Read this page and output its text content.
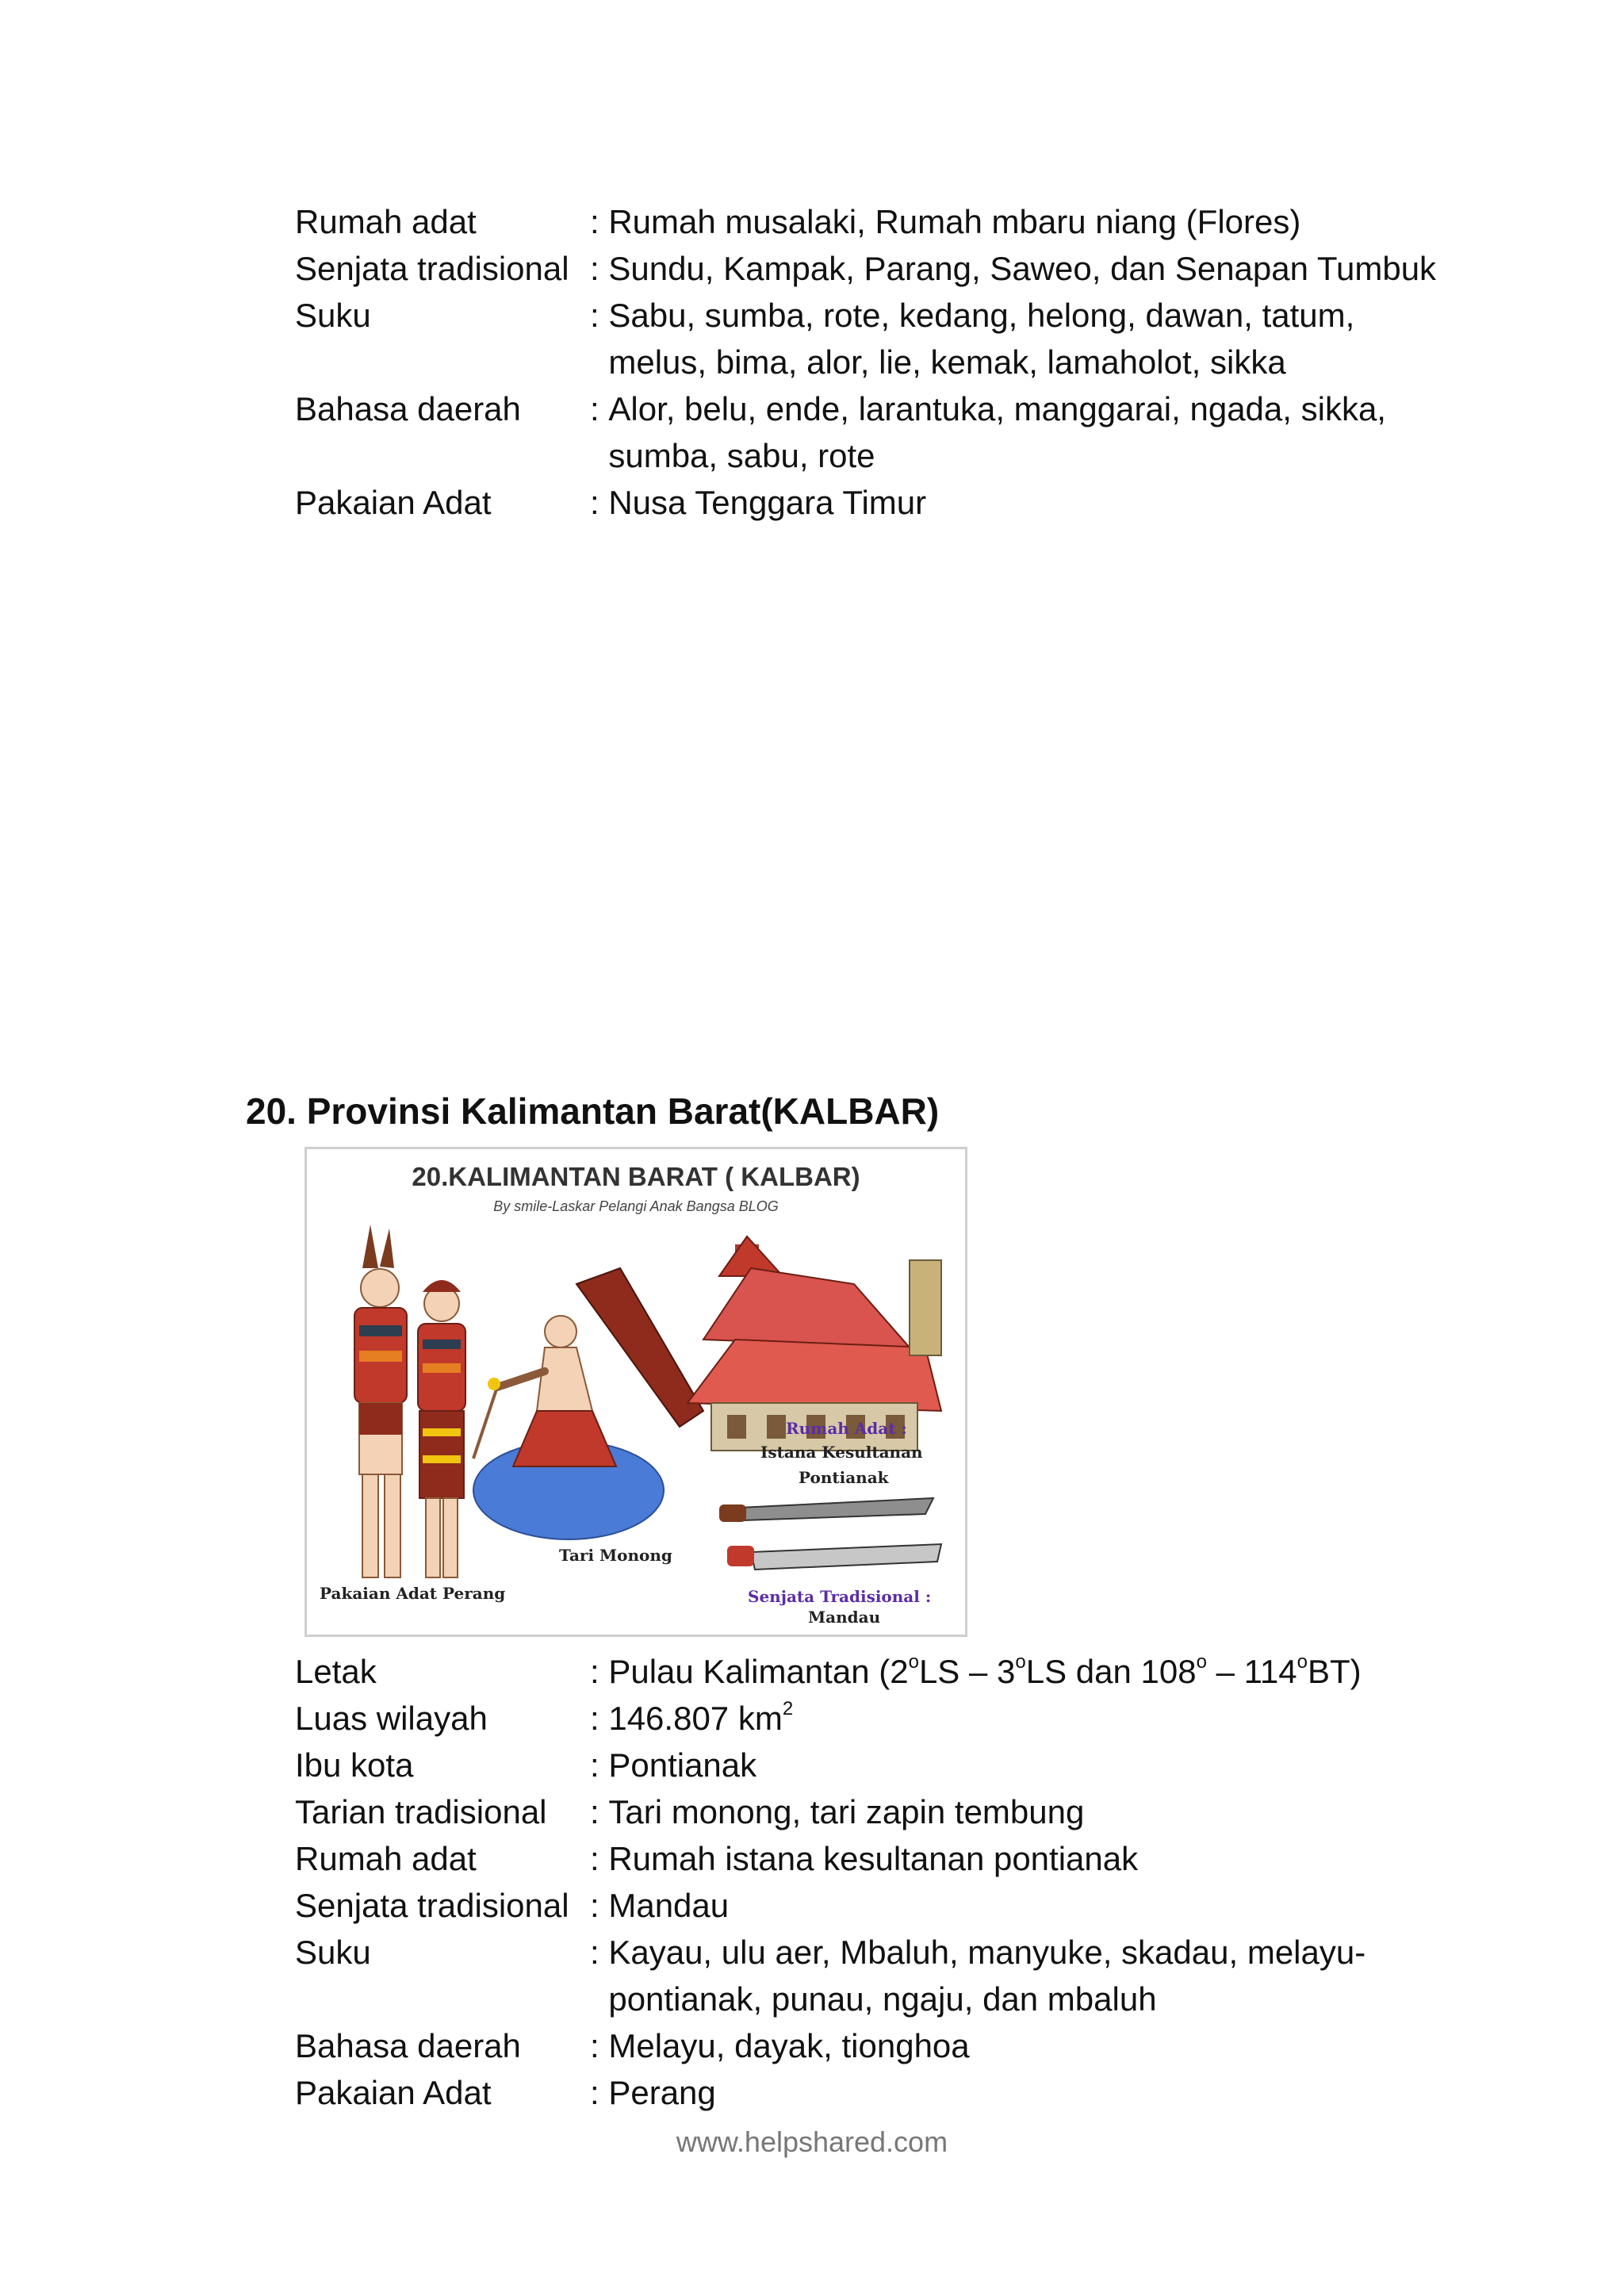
Rumah adat	: Rumah musalaki, Rumah mbaru niang (Flores)
Senjata tradisional : Sundu, Kampak, Parang, Saweo, dan Senapan Tumbuk
Suku	: Sabu, sumba, rote, kedang, helong, dawan, tatum, melus, bima, alor, lie, kemak, lamaholot, sikka
Bahasa daerah	: Alor, belu, ende, larantuka, manggarai, ngada, sikka, sumba, sabu, rote
Pakaian Adat	: Nusa Tenggara Timur
20. Provinsi Kalimantan Barat(KALBAR)
20.KALIMANTAN BARAT ( KALBAR)
By smile-Laskar Pelangi Anak Bangsa BLOG
Pakaian Adat Perang
Tari Monong
Rumah Adat :
Istana Kesultanan
Pontianak
Senjata Tradisional :
Mandau
Letak	: Pulau Kalimantan (2$^o$LS – 3$^o$LS dan 108$^o$ – 114$^o$BT)
Luas wilayah	: 146.807 $km^2$
Ibu kota	: Pontianak
Tarian tradisional	: Tari monong, tari zapin tembung
Rumah adat	: Rumah istana kesultanan pontianak
Senjata tradisional : Mandau
Suku	: Kayau, ulu aer, Mbaluh, manyuke, skadau, melayu-pontianak, punau, ngaju, dan mbaluh
Bahasa daerah	: Melayu, dayak, tionghoa
Pakaian Adat	: Perang
www.helpshared.com
